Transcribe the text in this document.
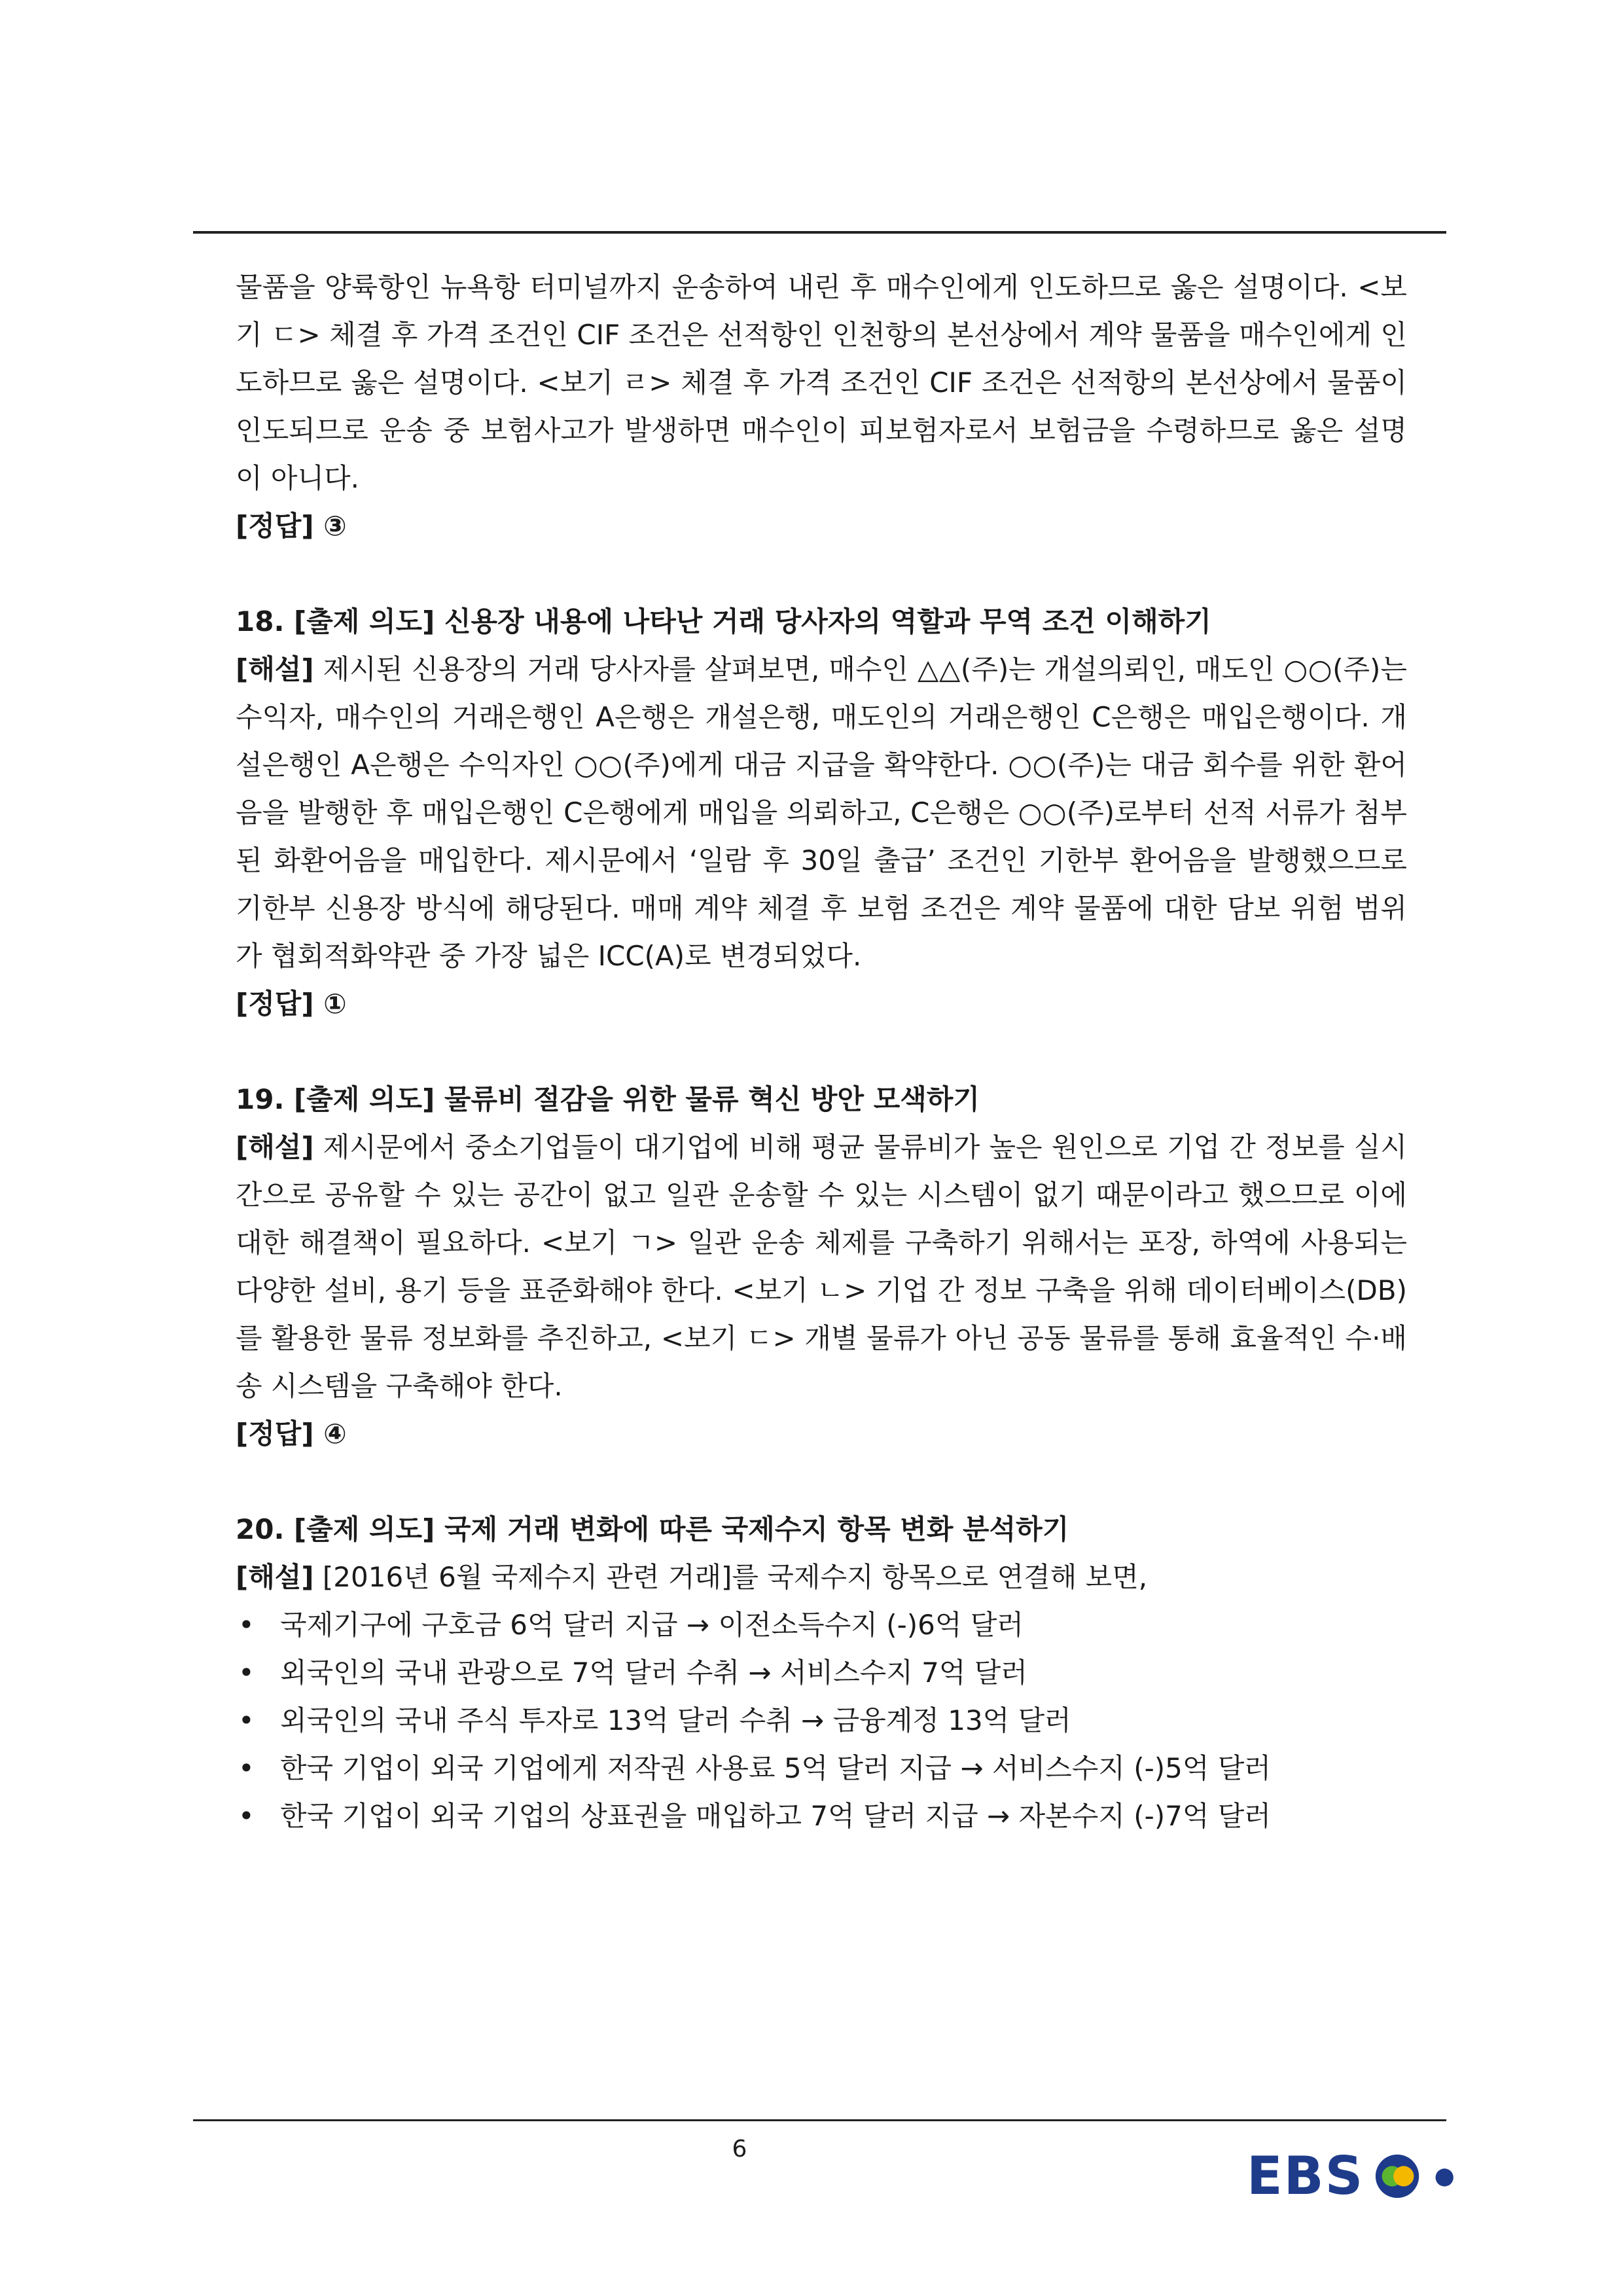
물품을 양륙항인 뉴욕항 터미널까지 운송하여 내린 후 매수인에게 인도하므로 옳은 설명이다. <보기 ㄷ> 체결 후 가격 조건인 CIF 조건은 선적항인 인천항의 본선상에서 계약 물품을 매수인에게 인도하므로 옳은 설명이다. <보기 ㄹ> 체결 후 가격 조건인 CIF 조건은 선적항의 본선상에서 물품이 인도되므로 운송 중 보험사고가 발생하면 매수인이 피보험자로서 보험금을 수령하므로 옳은 설명이 아니다.

[정답] ③

18. [출제 의도] 신용장 내용에 나타난 거래 당사자의 역할과 무역 조건 이해하기

[해설] 제시된 신용장의 거래 당사자를 살펴보면, 매수인 △△(주)는 개설의뢰인, 매도인 ○○(주)는 수익자, 매수인의 거래은행인 A은행은 개설은행, 매도인의 거래은행인 C은행은 매입은행이다. 개설은행인 A은행은 수익자인 ○○(주)에게 대금 지급을 확약한다. ○○(주)는 대금 회수를 위한 환어음을 발행한 후 매입은행인 C은행에게 매입을 의뢰하고, C은행은 ○○(주)로부터 선적 서류가 첨부된 화환어음을 매입한다. 제시문에서 ‘일람 후 30일 출급’ 조건인 기한부 환어음을 발행했으므로 기한부 신용장 방식에 해당된다. 매매 계약 체결 후 보험 조건은 계약 물품에 대한 담보 위험 범위가 협회적화약관 중 가장 넓은 ICC(A)로 변경되었다.

[정답] ①

19. [출제 의도] 물류비 절감을 위한 물류 혁신 방안 모색하기

[해설] 제시문에서 중소기업들이 대기업에 비해 평균 물류비가 높은 원인으로 기업 간 정보를 실시간으로 공유할 수 있는 공간이 없고 일관 운송할 수 있는 시스템이 없기 때문이라고 했으므로 이에 대한 해결책이 필요하다. <보기 ㄱ> 일관 운송 체제를 구축하기 위해서는 포장, 하역에 사용되는 다양한 설비, 용기 등을 표준화해야 한다. <보기 ㄴ> 기업 간 정보 구축을 위해 데이터베이스(DB)를 활용한 물류 정보화를 추진하고, <보기 ㄷ> 개별 물류가 아닌 공동 물류를 통해 효율적인 수·배송 시스템을 구축해야 한다.

[정답] ④

20. [출제 의도] 국제 거래 변화에 따른 국제수지 항목 변화 분석하기

[해설] [2016년 6월 국제수지 관련 거래]를 국제수지 항목으로 연결해 보면,

• 국제기구에 구호금 6억 달러 지급 → 이전소득수지 (-)6억 달러
• 외국인의 국내 관광으로 7억 달러 수취 → 서비스수지 7억 달러
• 외국인의 국내 주식 투자로 13억 달러 수취 → 금융계정 13억 달러
• 한국 기업이 외국 기업에게 저작권 사용료 5억 달러 지급 → 서비스수지 (-)5억 달러
• 한국 기업이 외국 기업의 상표권을 매입하고 7억 달러 지급 → 자본수지 (-)7억 달러
6	EBS
